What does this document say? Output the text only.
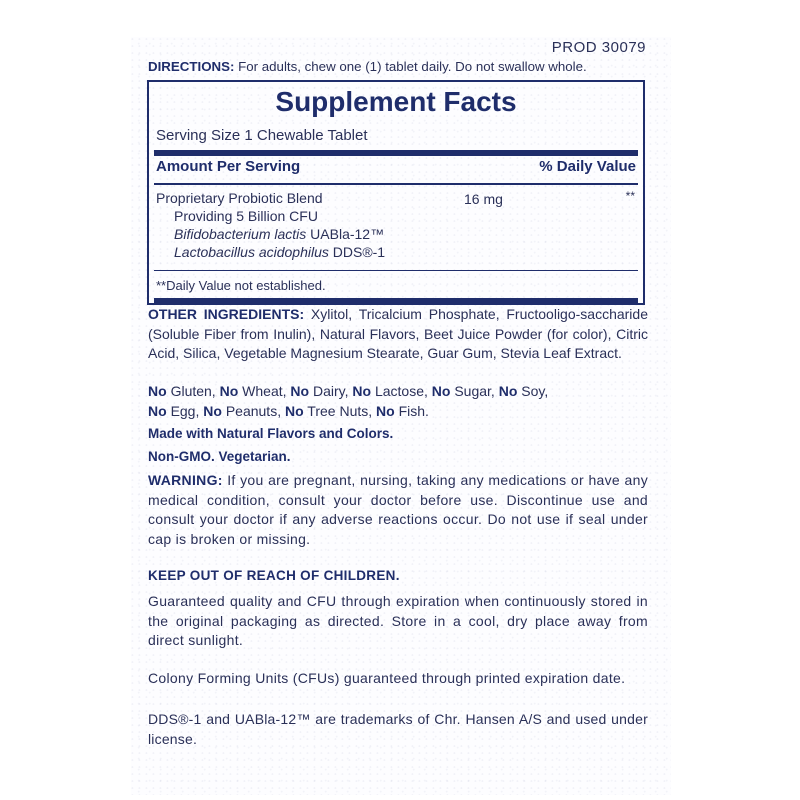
PROD 30079
DIRECTIONS: For adults, chew one (1) tablet daily. Do not swallow whole.
Supplement Facts
Serving Size 1 Chewable Tablet
Amount Per Serving	% Daily Value
Proprietary Probiotic Blend	16 mg	**
Providing 5 Billion CFU
Bifidobacterium lactis UABla-12™
Lactobacillus acidophilus DDS®-1
**Daily Value not established.
OTHER INGREDIENTS: Xylitol, Tricalcium Phosphate, Fructooligo-saccharide (Soluble Fiber from Inulin), Natural Flavors, Beet Juice Powder (for color), Citric Acid, Silica, Vegetable Magnesium Stearate, Guar Gum, Stevia Leaf Extract.
No Gluten, No Wheat, No Dairy, No Lactose, No Sugar, No Soy,
No Egg, No Peanuts, No Tree Nuts, No Fish.
Made with Natural Flavors and Colors.
Non-GMO. Vegetarian.
WARNING: If you are pregnant, nursing, taking any medications or have any medical condition, consult your doctor before use. Discontinue use and consult your doctor if any adverse reactions occur. Do not use if seal under cap is broken or missing.
KEEP OUT OF REACH OF CHILDREN.
Guaranteed quality and CFU through expiration when continuously stored in the original packaging as directed. Store in a cool, dry place away from direct sunlight.
Colony Forming Units (CFUs) guaranteed through printed expiration date.
DDS®-1 and UABla-12™ are trademarks of Chr. Hansen A/S and used under license.
